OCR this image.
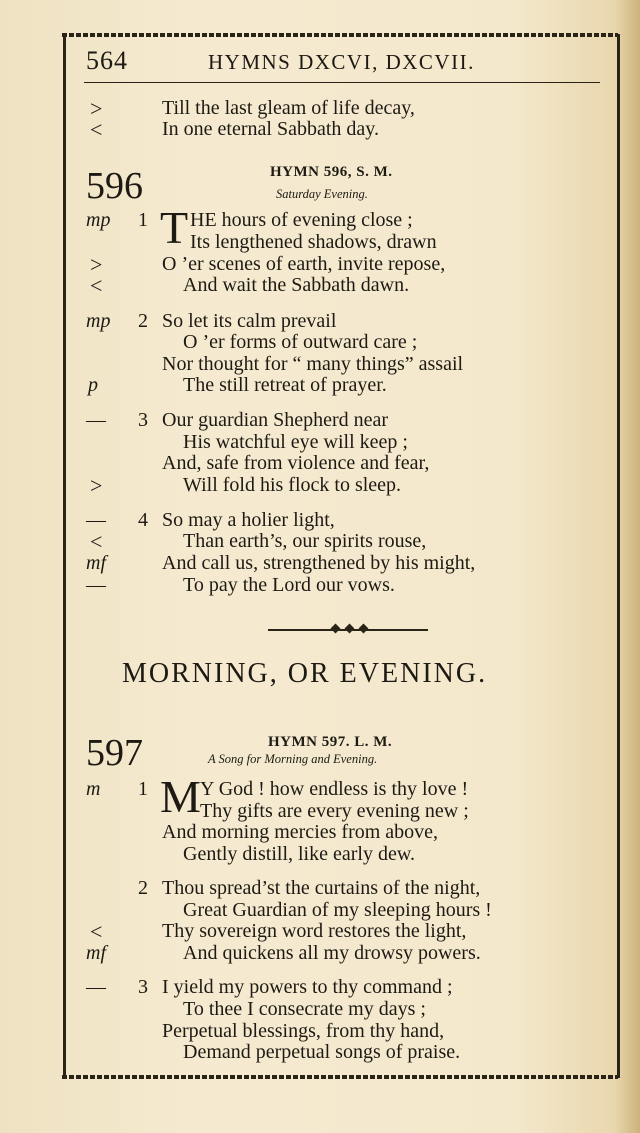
564	HYMNS DXCVI, DXCVII.
>	Till the last gleam of life decay,
<	In one eternal Sabbath day.
596	HYMN 596, S. M.
Saturday Evening.
mp 1 T HE hours of evening close ;
Its lengthened shadows, drawn
>	O ’er scenes of earth, invite repose,
<	And wait the Sabbath dawn.
mp 2 So let its calm prevail
O ’er forms of outward care ;
Nor thought for “ many things” assail
p	The still retreat of prayer.
— 3 Our guardian Shepherd near
His watchful eye will keep ;
And, safe from violence and fear,
>	Will fold his flock to sleep.
— 4 So may a holier light,
<	Than earth’s, our spirits rouse,
mf	And call us, strengthened by his might,
—	To pay the Lord our vows.
MORNING, OR EVENING.
597	HYMN 597. L. M.
A Song for Morning and Evening.
m 1 M Y God ! how endless is thy love !
Thy gifts are every evening new ;
And morning mercies from above,
Gently distill, like early dew.
2 Thou spread’st the curtains of the night,
Great Guardian of my sleeping hours !
<	Thy sovereign word restores the light,
mf	And quickens all my drowsy powers.
— 3 I yield my powers to thy command ;
To thee I consecrate my days ;
Perpetual blessings, from thy hand,
Demand perpetual songs of praise.
